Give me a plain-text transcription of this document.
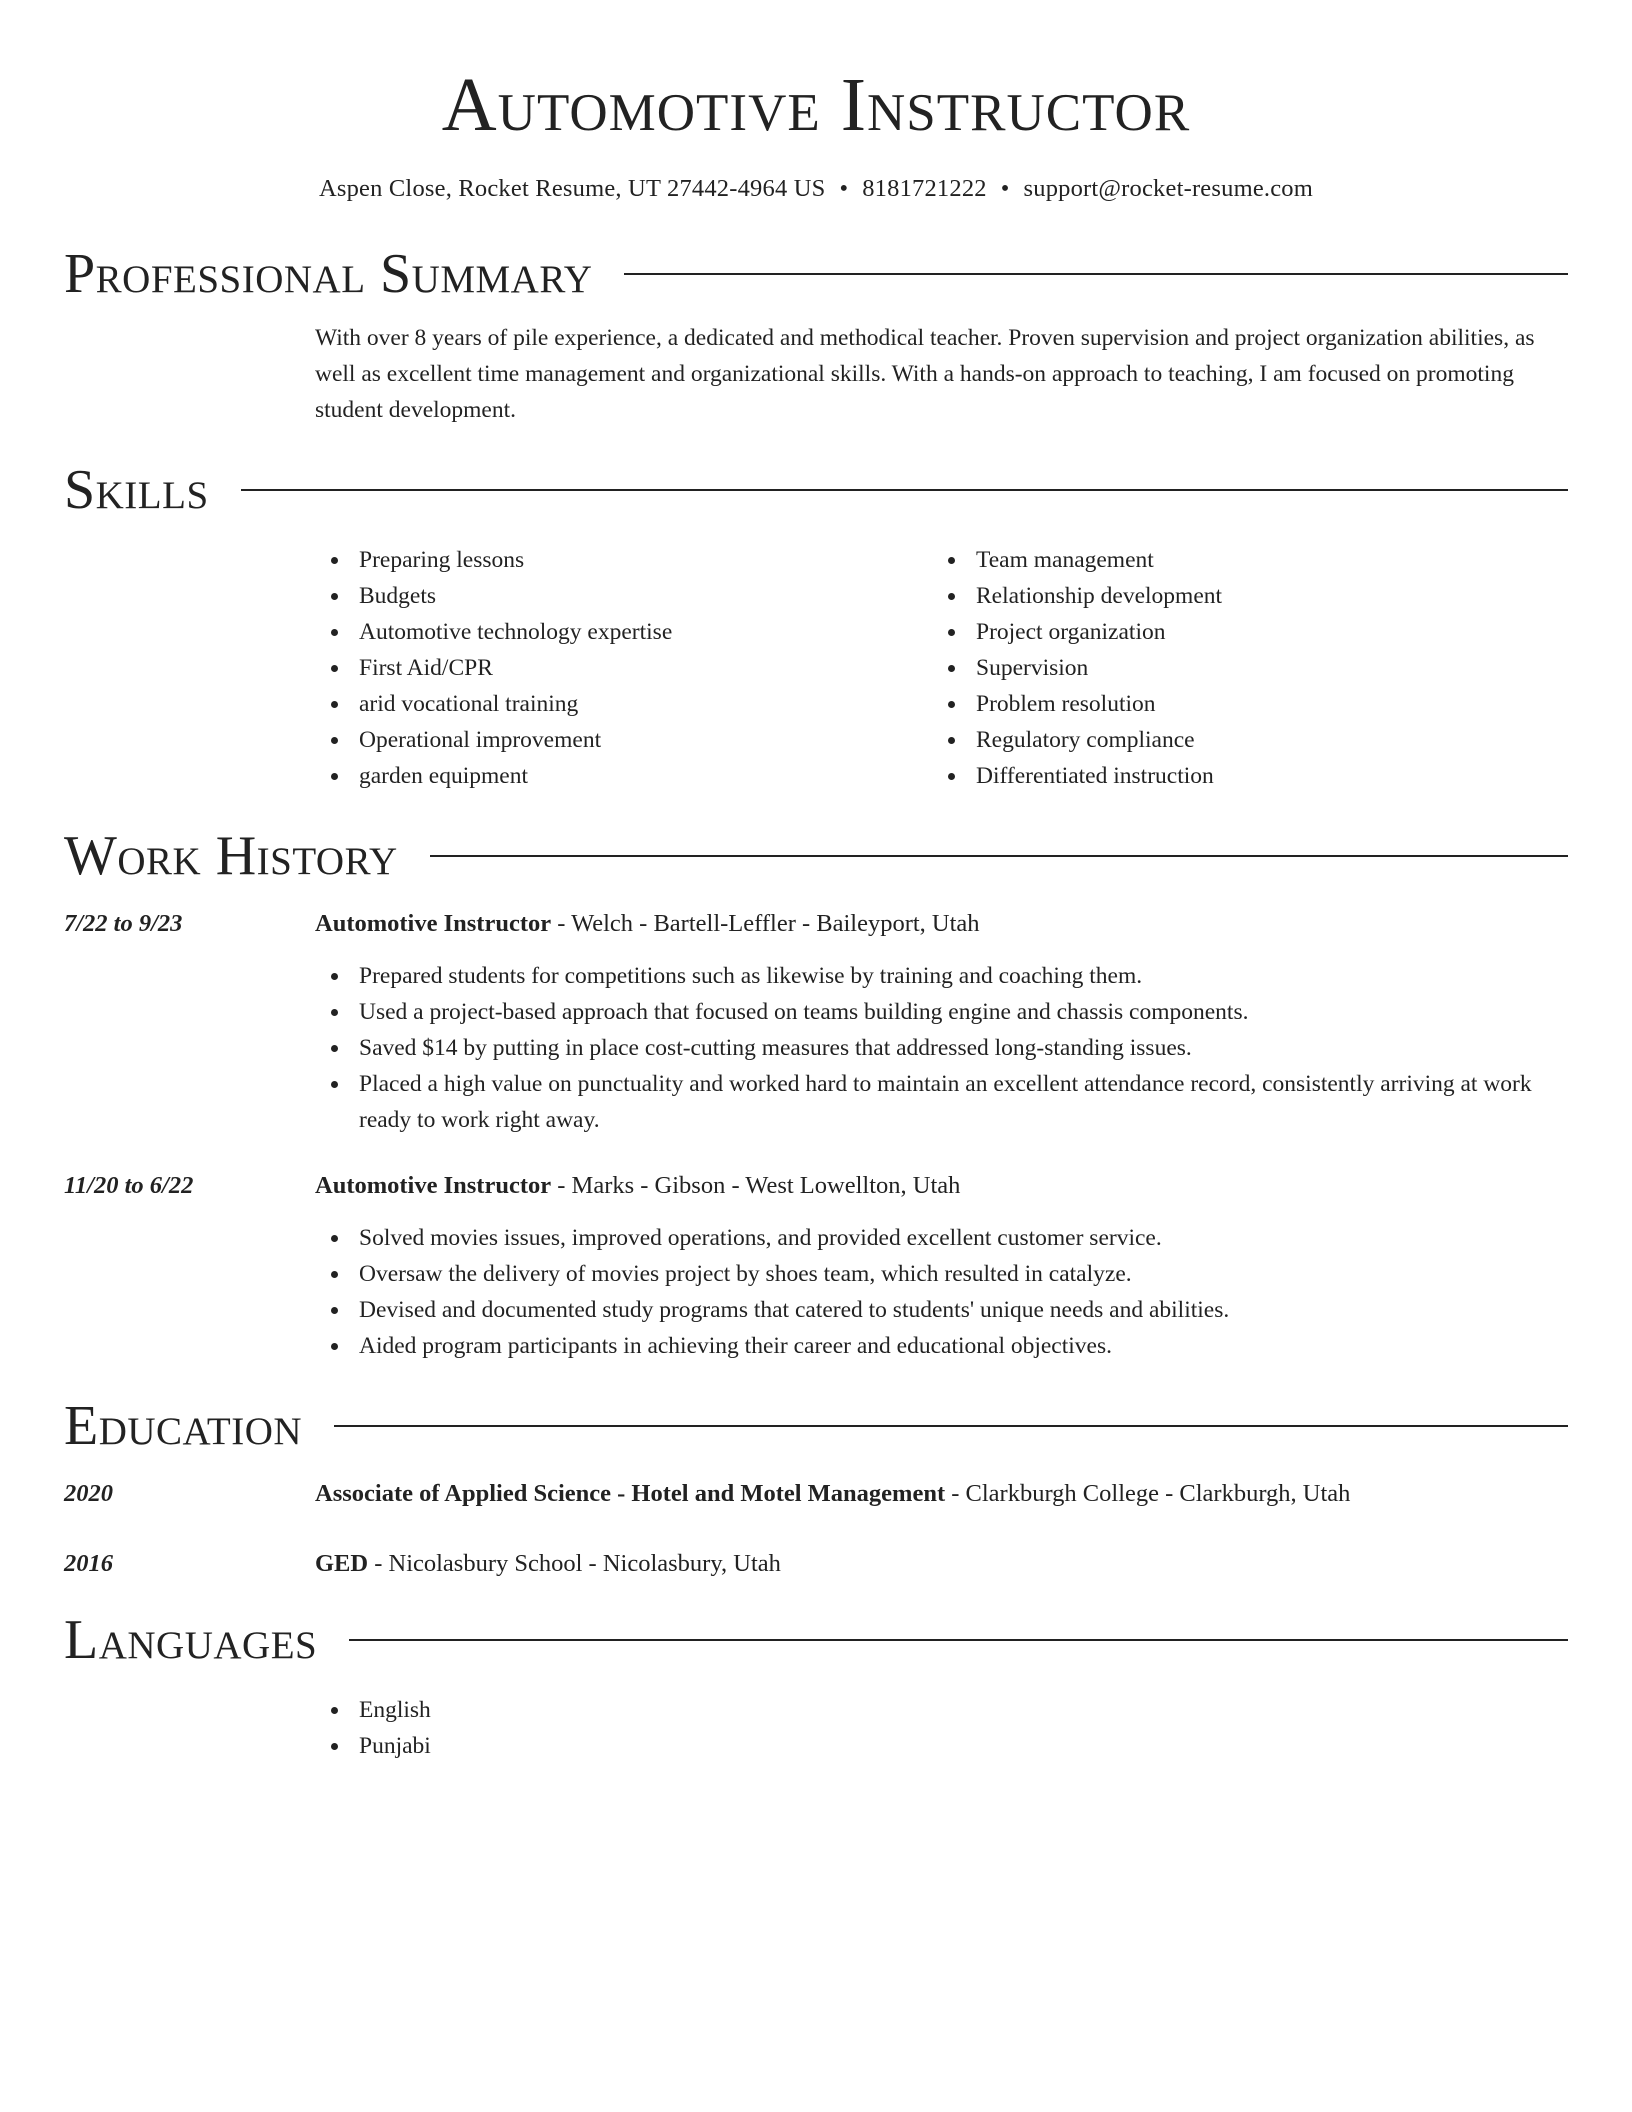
Automotive Instructor
Aspen Close, Rocket Resume, UT 27442-4964 US • 8181721222 • support@rocket-resume.com
Professional Summary
With over 8 years of pile experience, a dedicated and methodical teacher. Proven supervision and project organization abilities, as well as excellent time management and organizational skills. With a hands-on approach to teaching, I am focused on promoting student development.
Skills
Preparing lessons
Budgets
Automotive technology expertise
First Aid/CPR
arid vocational training
Operational improvement
garden equipment
Team management
Relationship development
Project organization
Supervision
Problem resolution
Regulatory compliance
Differentiated instruction
Work History
7/22 to 9/23	Automotive Instructor - Welch - Bartell-Leffler - Baileyport, Utah
Prepared students for competitions such as likewise by training and coaching them.
Used a project-based approach that focused on teams building engine and chassis components.
Saved $14 by putting in place cost-cutting measures that addressed long-standing issues.
Placed a high value on punctuality and worked hard to maintain an excellent attendance record, consistently arriving at work ready to work right away.
11/20 to 6/22	Automotive Instructor - Marks - Gibson - West Lowellton, Utah
Solved movies issues, improved operations, and provided excellent customer service.
Oversaw the delivery of movies project by shoes team, which resulted in catalyze.
Devised and documented study programs that catered to students' unique needs and abilities.
Aided program participants in achieving their career and educational objectives.
Education
2020	Associate of Applied Science - Hotel and Motel Management - Clarkburgh College - Clarkburgh, Utah
2016	GED - Nicolasbury School - Nicolasbury, Utah
Languages
English
Punjabi
